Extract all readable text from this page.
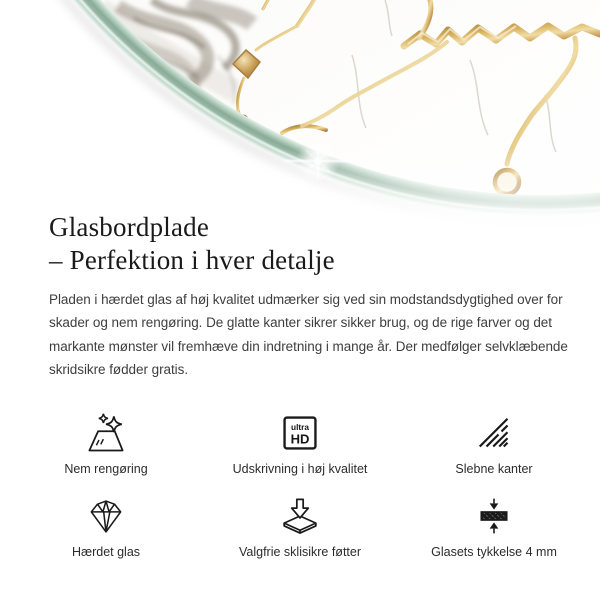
Glasbordplade
– Perfektion i hver detalje
Pladen i hærdet glas af høj kvalitet udmærker sig ved sin modstandsdygtighed over for
skader og nem rengøring. De glatte kanter sikrer sikker brug, og de rige farver og det
markante mønster vil fremhæve din indretning i mange år. Der medfølger selvklæbende
skridsikre fødder gratis.
Nem rengøring
ultra
HD
Udskrivning i høj kvalitet	Slebne kanter
Hærdet glas	Valgfrie sklisikre føtter	Glasets tykkelse 4 mm
